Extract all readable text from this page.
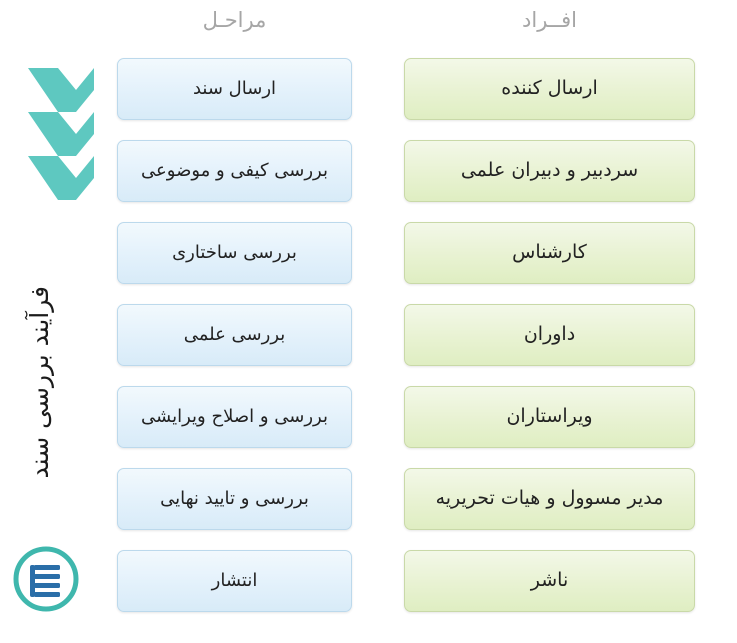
افــراد
مراحـل
فرآیند بررسی سند
ارسال کننده
ارسال سند
سردبیر و دبیران علمی
بررسی کیفی و موضوعی
کارشناس
بررسی ساختاری
داوران
بررسی علمی
ویراستاران
بررسی و اصلاح ویرایشی
مدیر مسوول و هیات تحریریه
بررسی و تایید نهایی
ناشر
انتشار
